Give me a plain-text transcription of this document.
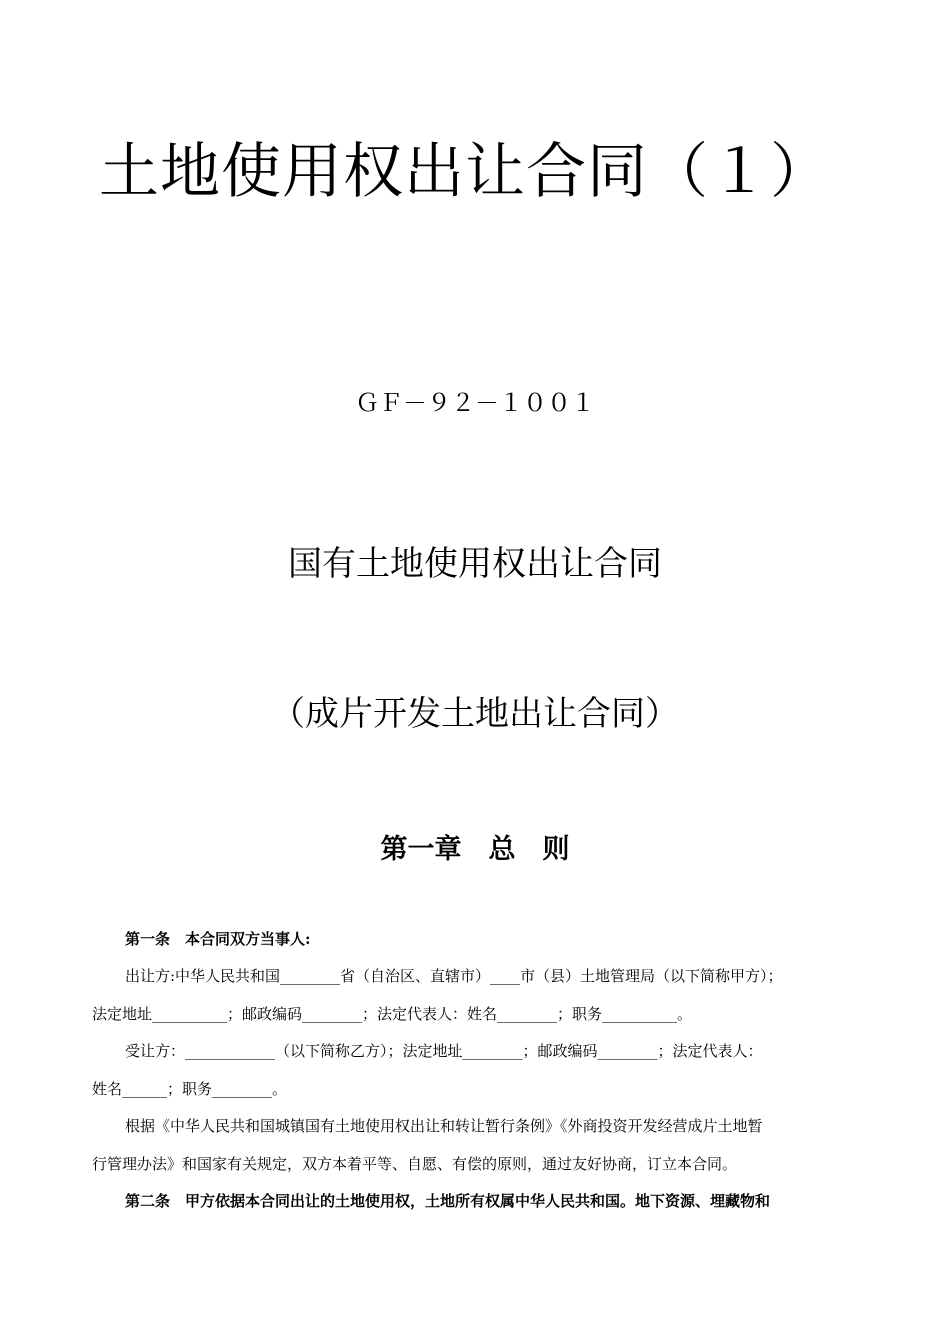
土地使用权出让合同（１）
ＧＦ－９２－１００１
国有土地使用权出让合同
（成片开发土地出让合同）
第一章　总　则
第一条　本合同双方当事人:
出让方:中华人民共和国________省（自治区、直辖市）____市（县）土地管理局（以下简称甲方）；
法定地址__________；邮政编码________；法定代表人：姓名________；职务__________。
受让方：____________（以下简称乙方）；法定地址________；邮政编码________；法定代表人：
姓名______；职务________。
根据《中华人民共和国城镇国有土地使用权出让和转让暂行条例》《外商投资开发经营成片土地暂
行管理办法》和国家有关规定，双方本着平等、自愿、有偿的原则，通过友好协商，订立本合同。
第二条　甲方依据本合同出让的土地使用权，土地所有权属中华人民共和国。地下资源、埋藏物和
